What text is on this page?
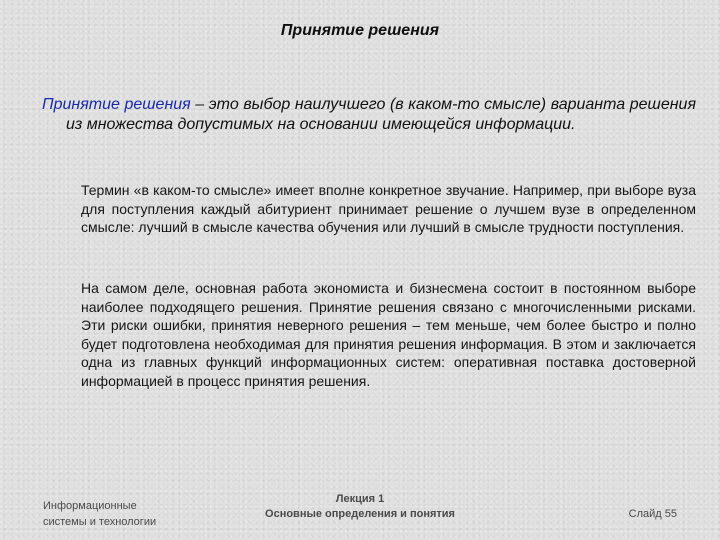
Принятие решения
Принятие решения – это выбор наилучшего (в каком-то смысле) варианта решения из множества допустимых на основании имеющейся информации.
Термин «в каком-то смысле» имеет вполне конкретное звучание. Например, при выборе вуза для поступления каждый абитуриент принимает решение о лучшем вузе в определенном смысле: лучший в смысле качества обучения или лучший в смысле трудности поступления.
На самом деле, основная работа экономиста и бизнесмена состоит в постоянном выборе наиболее подходящего решения. Принятие решения связано с многочисленными рисками. Эти риски ошибки, принятия неверного решения – тем меньше, чем более быстро и полно будет подготовлена необходимая для принятия решения информация. В этом и заключается одна из главных функций информационных систем: оперативная поставка достоверной информацией в процесс принятия решения.
Информационные
системы и технологии
Лекция 1
Основные определения и понятия	Слайд 55
